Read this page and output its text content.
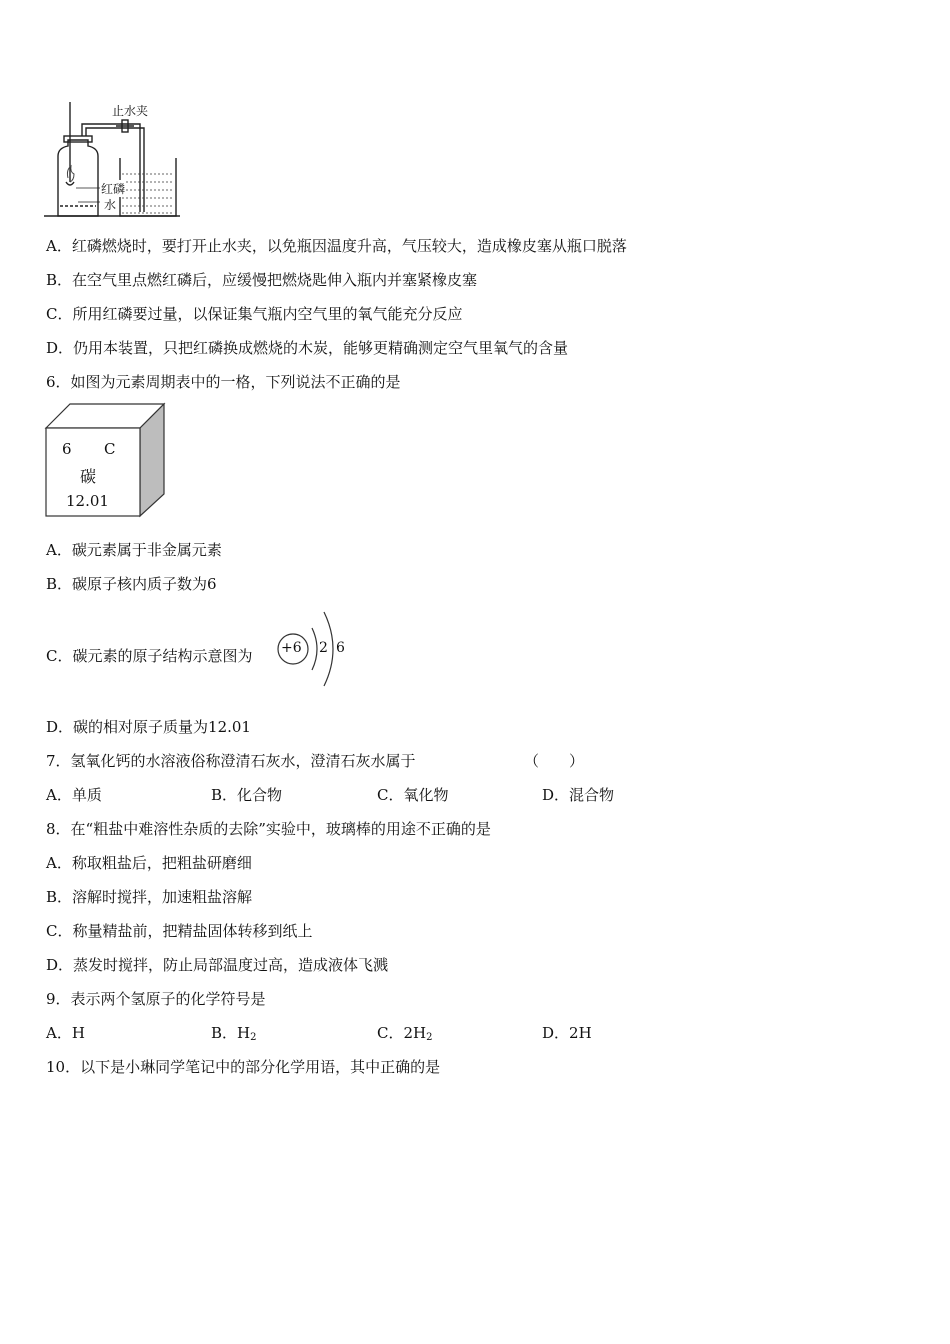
止水夹
红磷
水
A．红磷燃烧时，要打开止水夹，以免瓶因温度升高，气压较大，造成橡皮塞从瓶口脱落
B．在空气里点燃红磷后，应缓慢把燃烧匙伸入瓶内并塞紧橡皮塞
C．所用红磷要过量，以保证集气瓶内空气里的氧气能充分反应
D．仍用本装置，只把红磷换成燃烧的木炭，能够更精确测定空气里氧气的含量
6．如图为元素周期表中的一格，下列说法不正确的是
6 C
碳
12.01
A．碳元素属于非金属元素
B．碳原子核内质子数为6
C．碳元素的原子结构示意图为 +6 2 6
D．碳的相对原子质量为12.01
7．氢氧化钙的水溶液俗称澄清石灰水，澄清石灰水属于	（　　）
A．单质	B．化合物	C．氧化物	D．混合物
8．在“粗盐中难溶性杂质的去除”实验中，玻璃棒的用途不正确的是
A．称取粗盐后，把粗盐研磨细
B．溶解时搅拌，加速粗盐溶解
C．称量精盐前，把精盐固体转移到纸上
D．蒸发时搅拌，防止局部温度过高，造成液体飞溅
9．表示两个氢原子的化学符号是
A．H	B．$H_2$	C．$2H_2$	D．2H
10．以下是小琳同学笔记中的部分化学用语，其中正确的是
